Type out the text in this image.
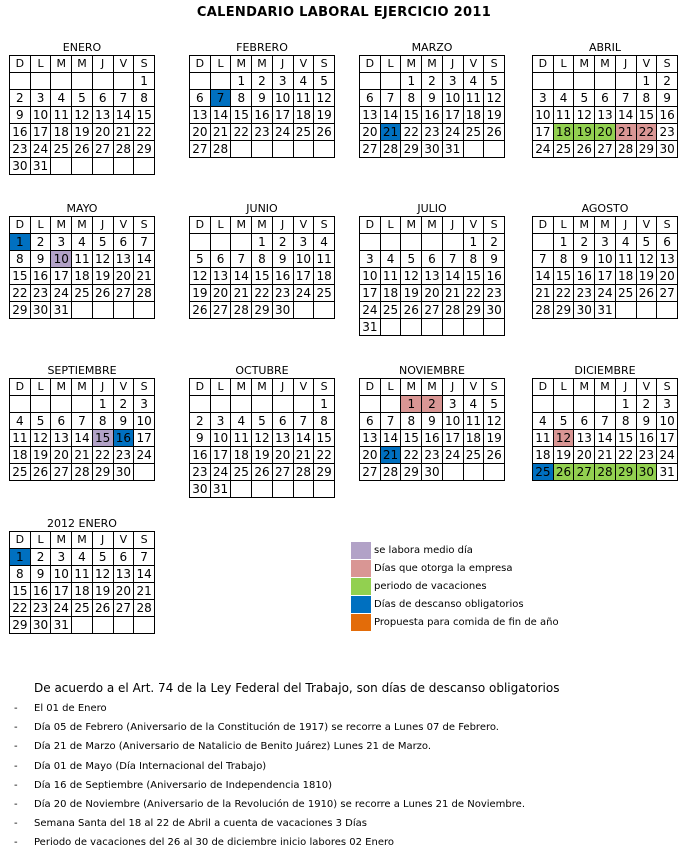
CALENDARIO LABORAL EJERCICIO 2011
ENERO
D	L	M	M	J	V	S
						1
2	3	4	5	6	7	8
9	10	11	12	13	14	15
16	17	18	19	20	21	22
23	24	25	26	27	28	29
30	31					
FEBRERO
D	L	M	M	J	V	S
		1	2	3	4	5
6	7	8	9	10	11	12
13	14	15	16	17	18	19
20	21	22	23	24	25	26
27	28					
MARZO
D	L	M	M	J	V	S
		1	2	3	4	5
6	7	8	9	10	11	12
13	14	15	16	17	18	19
20	21	22	23	24	25	26
27	28	29	30	31		
ABRIL
D	L	M	M	J	V	S
					1	2
3	4	5	6	7	8	9
10	11	12	13	14	15	16
17	18	19	20	21	22	23
24	25	26	27	28	29	30
MAYO
D	L	M	M	J	V	S
1	2	3	4	5	6	7
8	9	10	11	12	13	14
15	16	17	18	19	20	21
22	23	24	25	26	27	28
29	30	31				
JUNIO
D	L	M	M	J	V	S
			1	2	3	4
5	6	7	8	9	10	11
12	13	14	15	16	17	18
19	20	21	22	23	24	25
26	27	28	29	30		
JULIO
D	L	M	M	J	V	S
					1	2
3	4	5	6	7	8	9
10	11	12	13	14	15	16
17	18	19	20	21	22	23
24	25	26	27	28	29	30
31						
AGOSTO
D	L	M	M	J	V	S
	1	2	3	4	5	6
7	8	9	10	11	12	13
14	15	16	17	18	19	20
21	22	23	24	25	26	27
28	29	30	31			
SEPTIEMBRE
D	L	M	M	J	V	S
				1	2	3
4	5	6	7	8	9	10
11	12	13	14	15	16	17
18	19	20	21	22	23	24
25	26	27	28	29	30	
OCTUBRE
D	L	M	M	J	V	S
						1
2	3	4	5	6	7	8
9	10	11	12	13	14	15
16	17	18	19	20	21	22
23	24	25	26	27	28	29
30	31					
NOVIEMBRE
D	L	M	M	J	V	S
		1	2	3	4	5
6	7	8	9	10	11	12
13	14	15	16	17	18	19
20	21	22	23	24	25	26
27	28	29	30			
DICIEMBRE
D	L	M	M	J	V	S
				1	2	3
4	5	6	7	8	9	10
11	12	13	14	15	16	17
18	19	20	21	22	23	24
25	26	27	28	29	30	31
2012 ENERO
D	L	M	M	J	V	S
1	2	3	4	5	6	7
8	9	10	11	12	13	14
15	16	17	18	19	20	21
22	23	24	25	26	27	28
29	30	31				
se labora medio día
Días que otorga la empresa
periodo de vacaciones
Días de descanso obligatorios
Propuesta para comida de fin de año
De acuerdo a el Art. 74 de la Ley Federal del Trabajo, son días de descanso obligatorios
- El 01 de Enero
- Día 05 de Febrero (Aniversario de la Constitución de 1917) se recorre a Lunes 07 de Febrero.
- Día 21 de Marzo (Aniversario de Natalicio de Benito Juárez) Lunes 21 de Marzo.
- Día 01 de Mayo (Día Internacional del Trabajo)
- Día 16 de Septiembre (Aniversario de Independencia 1810)
- Día 20 de Noviembre (Aniversario de la Revolución de 1910) se recorre a Lunes 21 de Noviembre.
- Semana Santa del 18 al 22 de Abril a cuenta de vacaciones 3 Días
- Periodo de vacaciones del 26 al 30 de diciembre inicio labores 02 Enero
